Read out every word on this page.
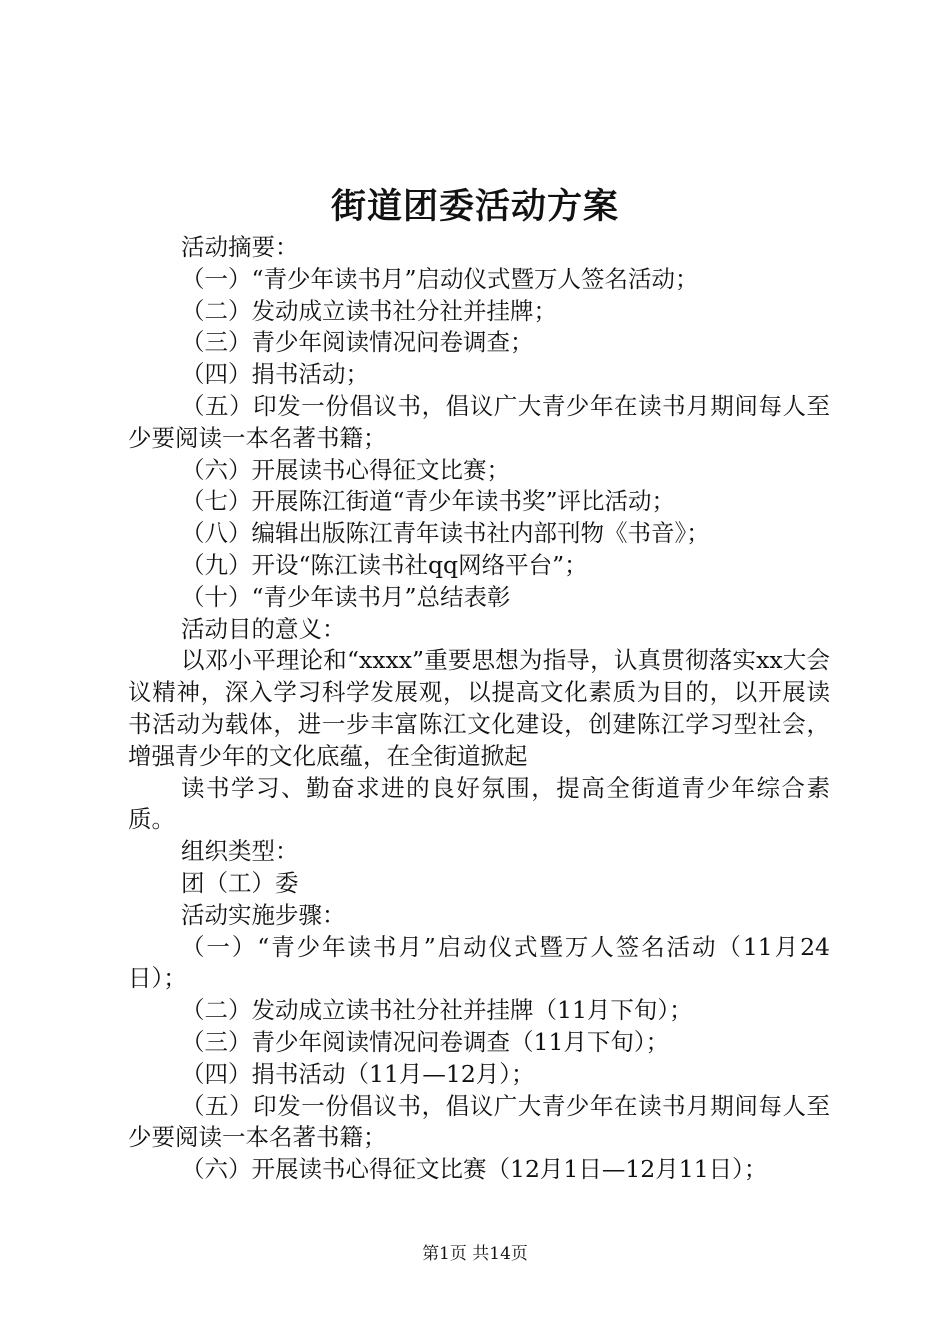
街道团委活动方案

活动摘要：

（一）“青少年读书月”启动仪式暨万人签名活动；

（二）发动成立读书社分社并挂牌；

（三）青少年阅读情况问卷调查；

（四）捐书活动；

（五）印发一份倡议书，倡议广大青少年在读书月期间每人至少要阅读一本名著书籍；

（六）开展读书心得征文比赛；

（七）开展陈江街道“青少年读书奖”评比活动；

（八）编辑出版陈江青年读书社内部刊物《书音》；

（九）开设“陈江读书社qq网络平台”；

（十）“青少年读书月”总结表彰

活动目的意义：

以邓小平理论和“xxxx”重要思想为指导，认真贯彻落实xx大会议精神，深入学习科学发展观，以提高文化素质为目的，以开展读书活动为载体，进一步丰富陈江文化建设，创建陈江学习型社会，增强青少年的文化底蕴，在全街道掀起

读书学习、勤奋求进的良好氛围，提高全街道青少年综合素质。

组织类型：

团（工）委

活动实施步骤：

（一）“青少年读书月”启动仪式暨万人签名活动（11月24日）；

（二）发动成立读书社分社并挂牌（11月下旬）；

（三）青少年阅读情况问卷调查（11月下旬）；

（四）捐书活动（11月—12月）；

（五）印发一份倡议书，倡议广大青少年在读书月期间每人至少要阅读一本名著书籍；

（六）开展读书心得征文比赛（12月1日—12月11日）；

第1页 共14页
